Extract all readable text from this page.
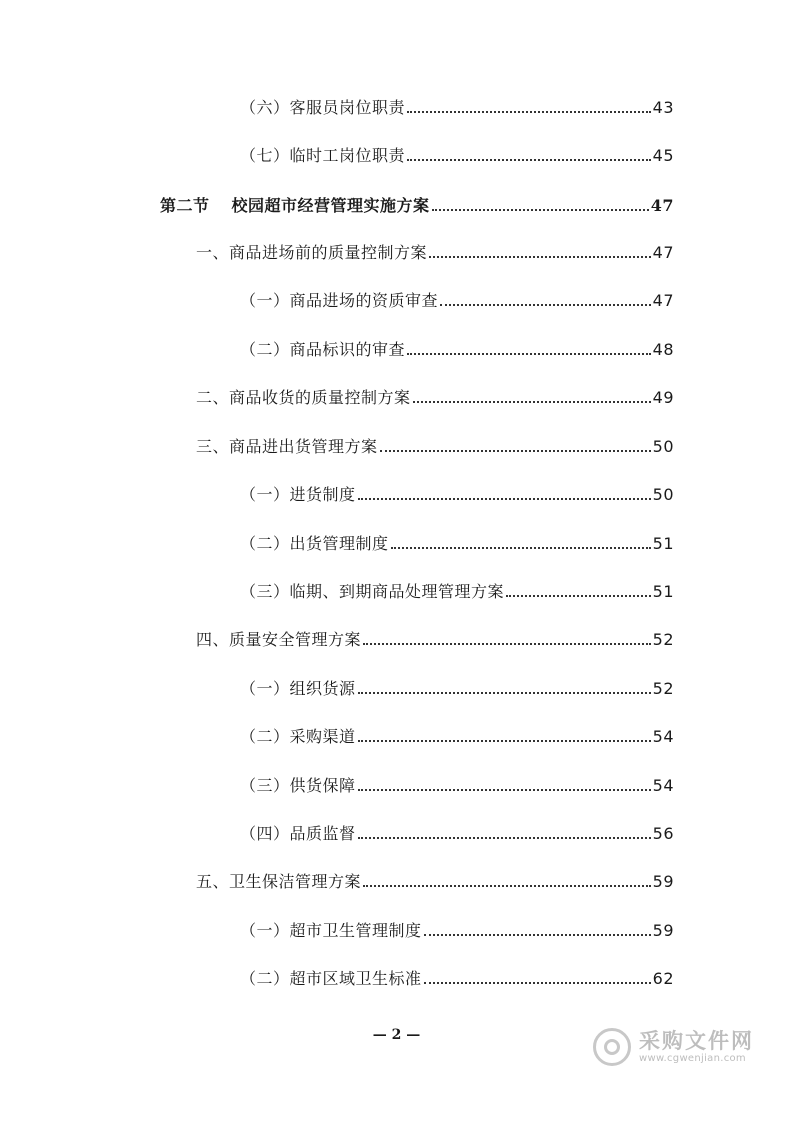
（六）客服员岗位职责	43
（七）临时工岗位职责	45
第二节 校园超市经营管理实施方案	47
一、商品进场前的质量控制方案	47
（一）商品进场的资质审查	47
（二）商品标识的审查	48
二、商品收货的质量控制方案	49
三、商品进出货管理方案	50
（一）进货制度	50
（二）出货管理制度	51
（三）临期、到期商品处理管理方案	51
四、质量安全管理方案	52
（一）组织货源	52
（二）采购渠道	54
（三）供货保障	54
（四）品质监督	56
五、卫生保洁管理方案	59
（一）超市卫生管理制度	59
（二）超市区域卫生标准	62
— 2 —	采购文件网
www.cgwenjian.com
